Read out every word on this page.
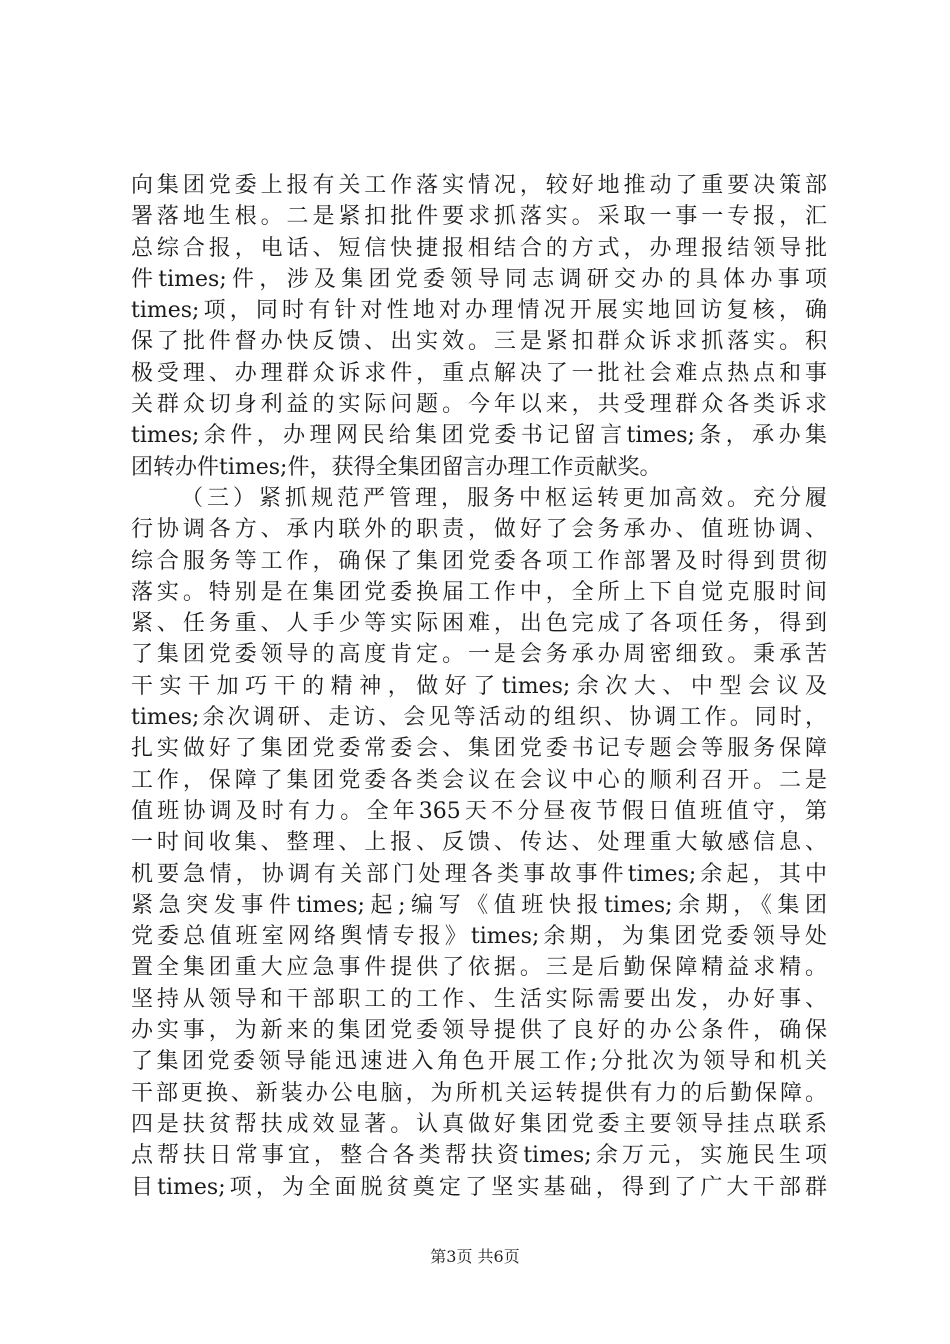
向集团党委上报有关工作落实情况，较好地推动了重要决策部
署落地生根。二是紧扣批件要求抓落实。采取一事一专报，汇
总综合报，电话、短信快捷报相结合的方式，办理报结领导批
件times;件，涉及集团党委领导同志调研交办的具体办事项
times;项，同时有针对性地对办理情况开展实地回访复核，确
保了批件督办快反馈、出实效。三是紧扣群众诉求抓落实。积
极受理、办理群众诉求件，重点解决了一批社会难点热点和事
关群众切身利益的实际问题。今年以来，共受理群众各类诉求
times;余件，办理网民给集团党委书记留言times;条，承办集
团转办件times;件，获得全集团留言办理工作贡献奖。
（三）紧抓规范严管理，服务中枢运转更加高效。充分履
行协调各方、承内联外的职责，做好了会务承办、值班协调、
综合服务等工作，确保了集团党委各项工作部署及时得到贯彻
落实。特别是在集团党委换届工作中，全所上下自觉克服时间
紧、任务重、人手少等实际困难，出色完成了各项任务，得到
了集团党委领导的高度肯定。一是会务承办周密细致。秉承苦
干实干加巧干的精神，做好了times;余次大、中型会议及
times;余次调研、走访、会见等活动的组织、协调工作。同时，
扎实做好了集团党委常委会、集团党委书记专题会等服务保障
工作，保障了集团党委各类会议在会议中心的顺利召开。二是
值班协调及时有力。全年365天不分昼夜节假日值班值守，第
一时间收集、整理、上报、反馈、传达、处理重大敏感信息、
机要急情，协调有关部门处理各类事故事件times;余起，其中
紧急突发事件times;起;编写《值班快报times;余期，《集团
党委总值班室网络舆情专报》times;余期，为集团党委领导处
置全集团重大应急事件提供了依据。三是后勤保障精益求精。
坚持从领导和干部职工的工作、生活实际需要出发，办好事、
办实事，为新来的集团党委领导提供了良好的办公条件，确保
了集团党委领导能迅速进入角色开展工作;分批次为领导和机关
干部更换、新装办公电脑，为所机关运转提供有力的后勤保障。
四是扶贫帮扶成效显著。认真做好集团党委主要领导挂点联系
点帮扶日常事宜，整合各类帮扶资times;余万元，实施民生项
目times;项，为全面脱贫奠定了坚实基础，得到了广大干部群
第3页 共6页
